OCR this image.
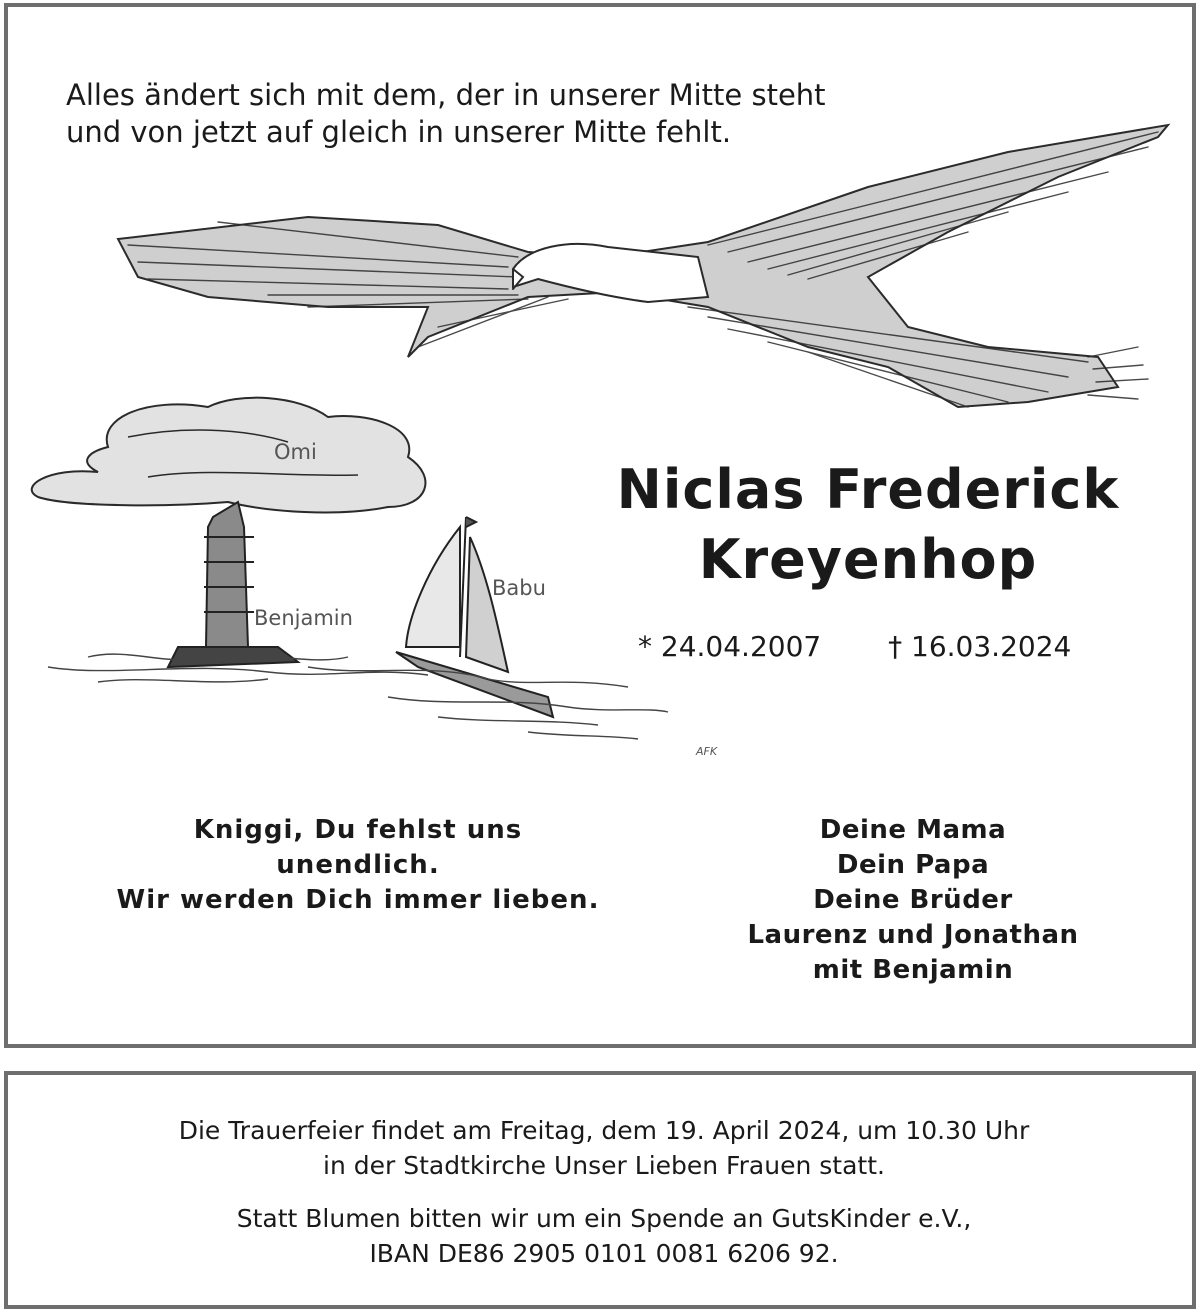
Alles ändert sich mit dem, der in unserer Mitte steht
und von jetzt auf gleich in unserer Mitte fehlt.
Omi
Benjamin
Babu
AFK
Niclas Frederick
Kreyenhop
* 24.04.2007 † 16.03.2024
Kniggi, Du fehlst uns unendlich.
Wir werden Dich immer lieben.
Deine Mama
Dein Papa
Deine Brüder
Laurenz und Jonathan
mit Benjamin
Die Trauerfeier findet am Freitag, dem 19. April 2024, um 10.30 Uhr
in der Stadtkirche Unser Lieben Frauen statt.
Statt Blumen bitten wir um ein Spende an GutsKinder e.V.,
IBAN DE86 2905 0101 0081 6206 92.
